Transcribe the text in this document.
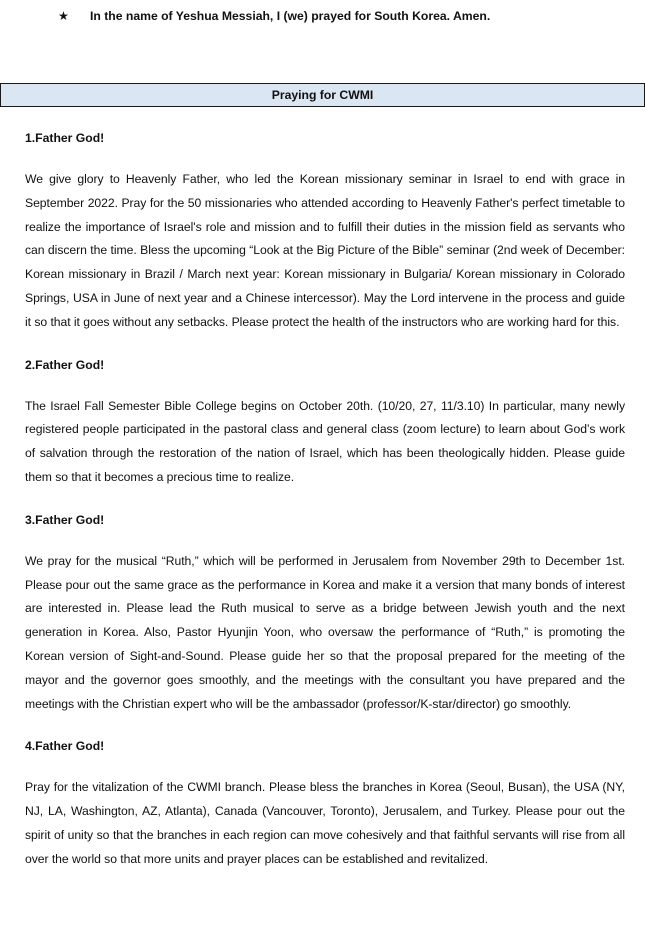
★ In the name of Yeshua Messiah, I (we) prayed for South Korea. Amen.
Praying for CWMI

1.Father God!

We give glory to Heavenly Father, who led the Korean missionary seminar in Israel to end with grace in September 2022. Pray for the 50 missionaries who attended according to Heavenly Father's perfect timetable to realize the importance of Israel's role and mission and to fulfill their duties in the mission field as servants who can discern the time. Bless the upcoming “Look at the Big Picture of the Bible” seminar (2nd week of December: Korean missionary in Brazil / March next year: Korean missionary in Bulgaria/ Korean missionary in Colorado Springs, USA in June of next year and a Chinese intercessor). May the Lord intervene in the process and guide it so that it goes without any setbacks. Please protect the health of the instructors who are working hard for this.

2.Father God!

The Israel Fall Semester Bible College begins on October 20th. (10/20, 27, 11/3.10) In particular, many newly registered people participated in the pastoral class and general class (zoom lecture) to learn about God’s work of salvation through the restoration of the nation of Israel, which has been theologically hidden. Please guide them so that it becomes a precious time to realize.

3.Father God!

We pray for the musical “Ruth,” which will be performed in Jerusalem from November 29th to December 1st. Please pour out the same grace as the performance in Korea and make it a version that many bonds of interest are interested in. Please lead the Ruth musical to serve as a bridge between Jewish youth and the next generation in Korea. Also, Pastor Hyunjin Yoon, who oversaw the performance of “Ruth,” is promoting the Korean version of Sight-and-Sound. Please guide her so that the proposal prepared for the meeting of the mayor and the governor goes smoothly, and the meetings with the consultant you have prepared and the meetings with the Christian expert who will be the ambassador (professor/K-star/director) go smoothly.

4.Father God!

Pray for the vitalization of the CWMI branch. Please bless the branches in Korea (Seoul, Busan), the USA (NY, NJ, LA, Washington, AZ, Atlanta), Canada (Vancouver, Toronto), Jerusalem, and Turkey. Please pour out the spirit of unity so that the branches in each region can move cohesively and that faithful servants will rise from all over the world so that more units and prayer places can be established and revitalized.
